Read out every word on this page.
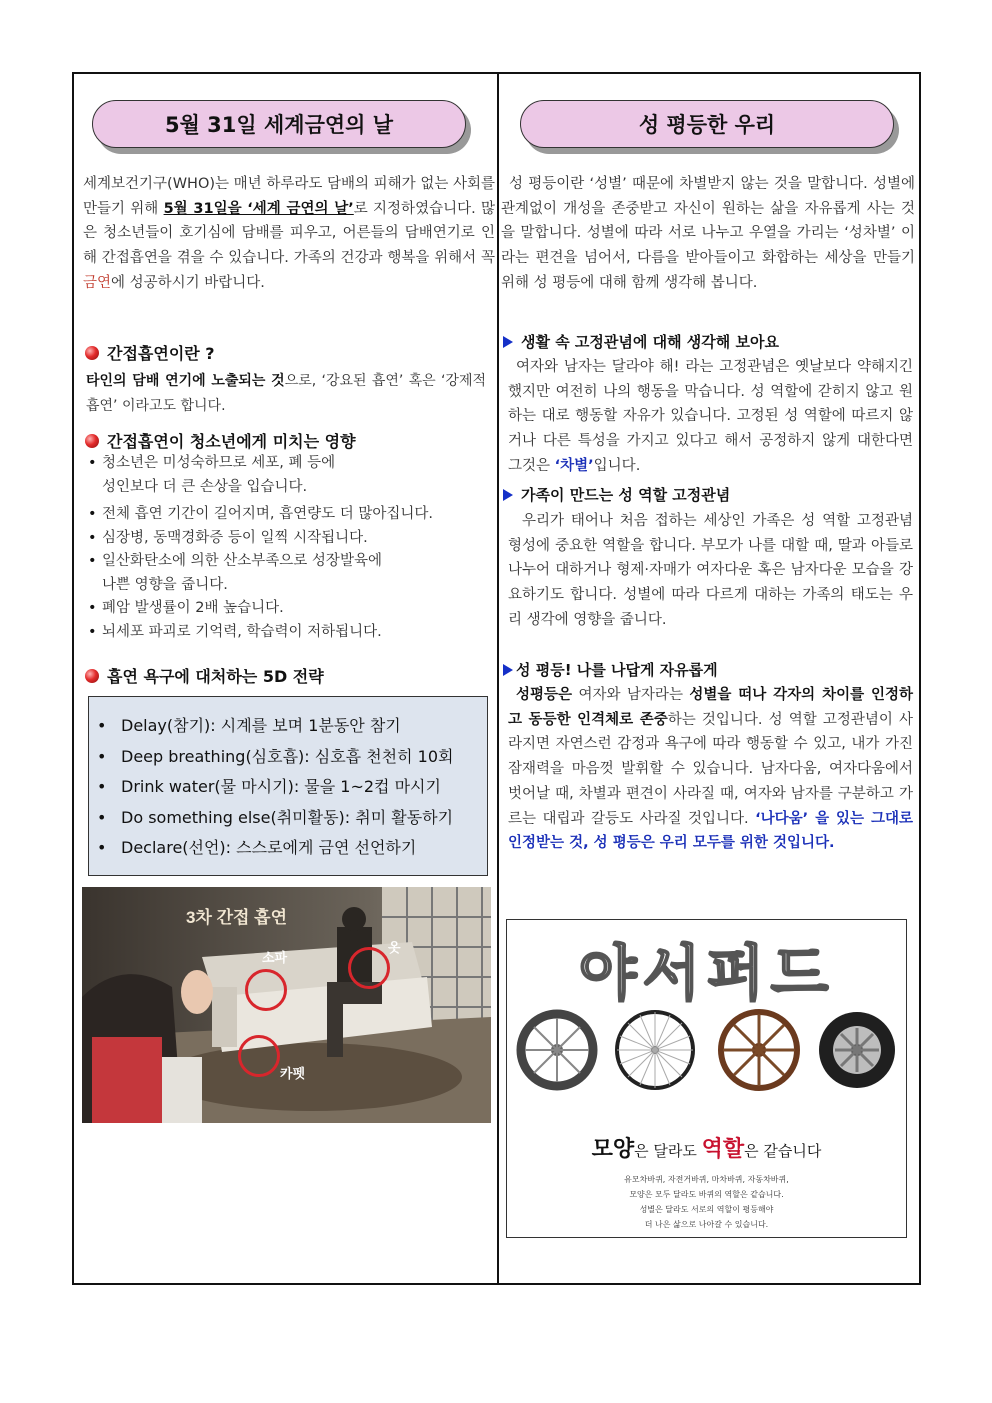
5월 31일 세계금연의 날
세계보건기구(WHO)는 매년 하루라도 담배의 피해가 없는 사회를 만들기 위해 5월 31일을 ‘세계 금연의 날’로 지정하였습니다. 많은 청소년들이 호기심에 담배를 피우고, 어른들의 담배연기로 인해 간접흡연을 겪을 수 있습니다. 가족의 건강과 행복을 위해서 꼭 금연에 성공하시기 바랍니다.
간접흡연이란 ?
타인의 담배 연기에 노출되는 것으로, ‘강요된 흡연’ 혹은 ‘강제적 흡연’ 이라고도 합니다.
간접흡연이 청소년에게 미치는 영향
• 청소년은 미성숙하므로 세포, 폐 등에
성인보다 더 큰 손상을 입습니다.
• 전체 흡연 기간이 길어지며, 흡연량도 더 많아집니다.
• 심장병, 동맥경화증 등이 일찍 시작됩니다.
• 일산화탄소에 의한 산소부족으로 성장발육에
나쁜 영향을 줍니다.
• 폐암 발생률이 2배 높습니다.
• 뇌세포 파괴로 기억력, 학습력이 저하됩니다.
흡연 욕구에 대처하는 5D 전략
• Delay(참기): 시계를 보며 1분동안 참기
• Deep breathing(심호흡): 심호흡 천천히 10회
• Drink water(물 마시기): 물을 1~2컵 마시기
• Do something else(취미활동): 취미 활동하기
• Declare(선언): 스스로에게 금연 선언하기
3차 간접 흡연
소파
옷
카펫
성 평등한 우리
성 평등이란 ‘성별’ 때문에 차별받지 않는 것을 말합니다. 성별에 관계없이 개성을 존중받고 자신이 원하는 삶을 자유롭게 사는 것을 말합니다. 성별에 따라 서로 나누고 우열을 가리는 ‘성차별’ 이라는 편견을 넘어서, 다름을 받아들이고 화합하는 세상을 만들기 위해 성 평등에 대해 함께 생각해 봅니다.
생활 속 고정관념에 대해 생각해 보아요
여자와 남자는 달라야 해! 라는 고정관념은 옛날보다 약해지긴 했지만 여전히 나의 행동을 막습니다. 성 역할에 갇히지 않고 원하는 대로 행동할 자유가 있습니다. 고정된 성 역할에 따르지 않거나 다른 특성을 가지고 있다고 해서 공정하지 않게 대한다면 그것은 ‘차별’입니다.
가족이 만드는 성 역할 고정관념
우리가 태어나 처음 접하는 세상인 가족은 성 역할 고정관념 형성에 중요한 역할을 합니다. 부모가 나를 대할 때, 딸과 아들로 나누어 대하거나 형제·자매가 여자다운 혹은 남자다운 모습을 강요하기도 합니다. 성별에 따라 다르게 대하는 가족의 태도는 우리 생각에 영향을 줍니다.
성 평등! 나를 나답게 자유롭게
성평등은 여자와 남자라는 성별을 떠나 각자의 차이를 인정하고 동등한 인격체로 존중하는 것입니다. 성 역할 고정관념이 사라지면 자연스런 감정과 욕구에 따라 행동할 수 있고, 내가 가진 잠재력을 마음껏 발휘할 수 있습니다. 남자다움, 여자다움에서 벗어날 때, 차별과 편견이 사라질 때, 여자와 남자를 구분하고 가르는 대립과 갈등도 사라질 것입니다. ‘나다움’ 을 있는 그대로 인정받는 것, 성 평등은 우리 모두를 위한 것입니다.
야서퍼드
모양은 달라도 역할은 같습니다
유모차바퀴, 자전거바퀴, 마차바퀴, 자동차바퀴,
모양은 모두 달라도 바퀴의 역할은 같습니다.
성별은 달라도 서로의 역할이 평등해야
더 나은 삶으로 나아갈 수 있습니다.
